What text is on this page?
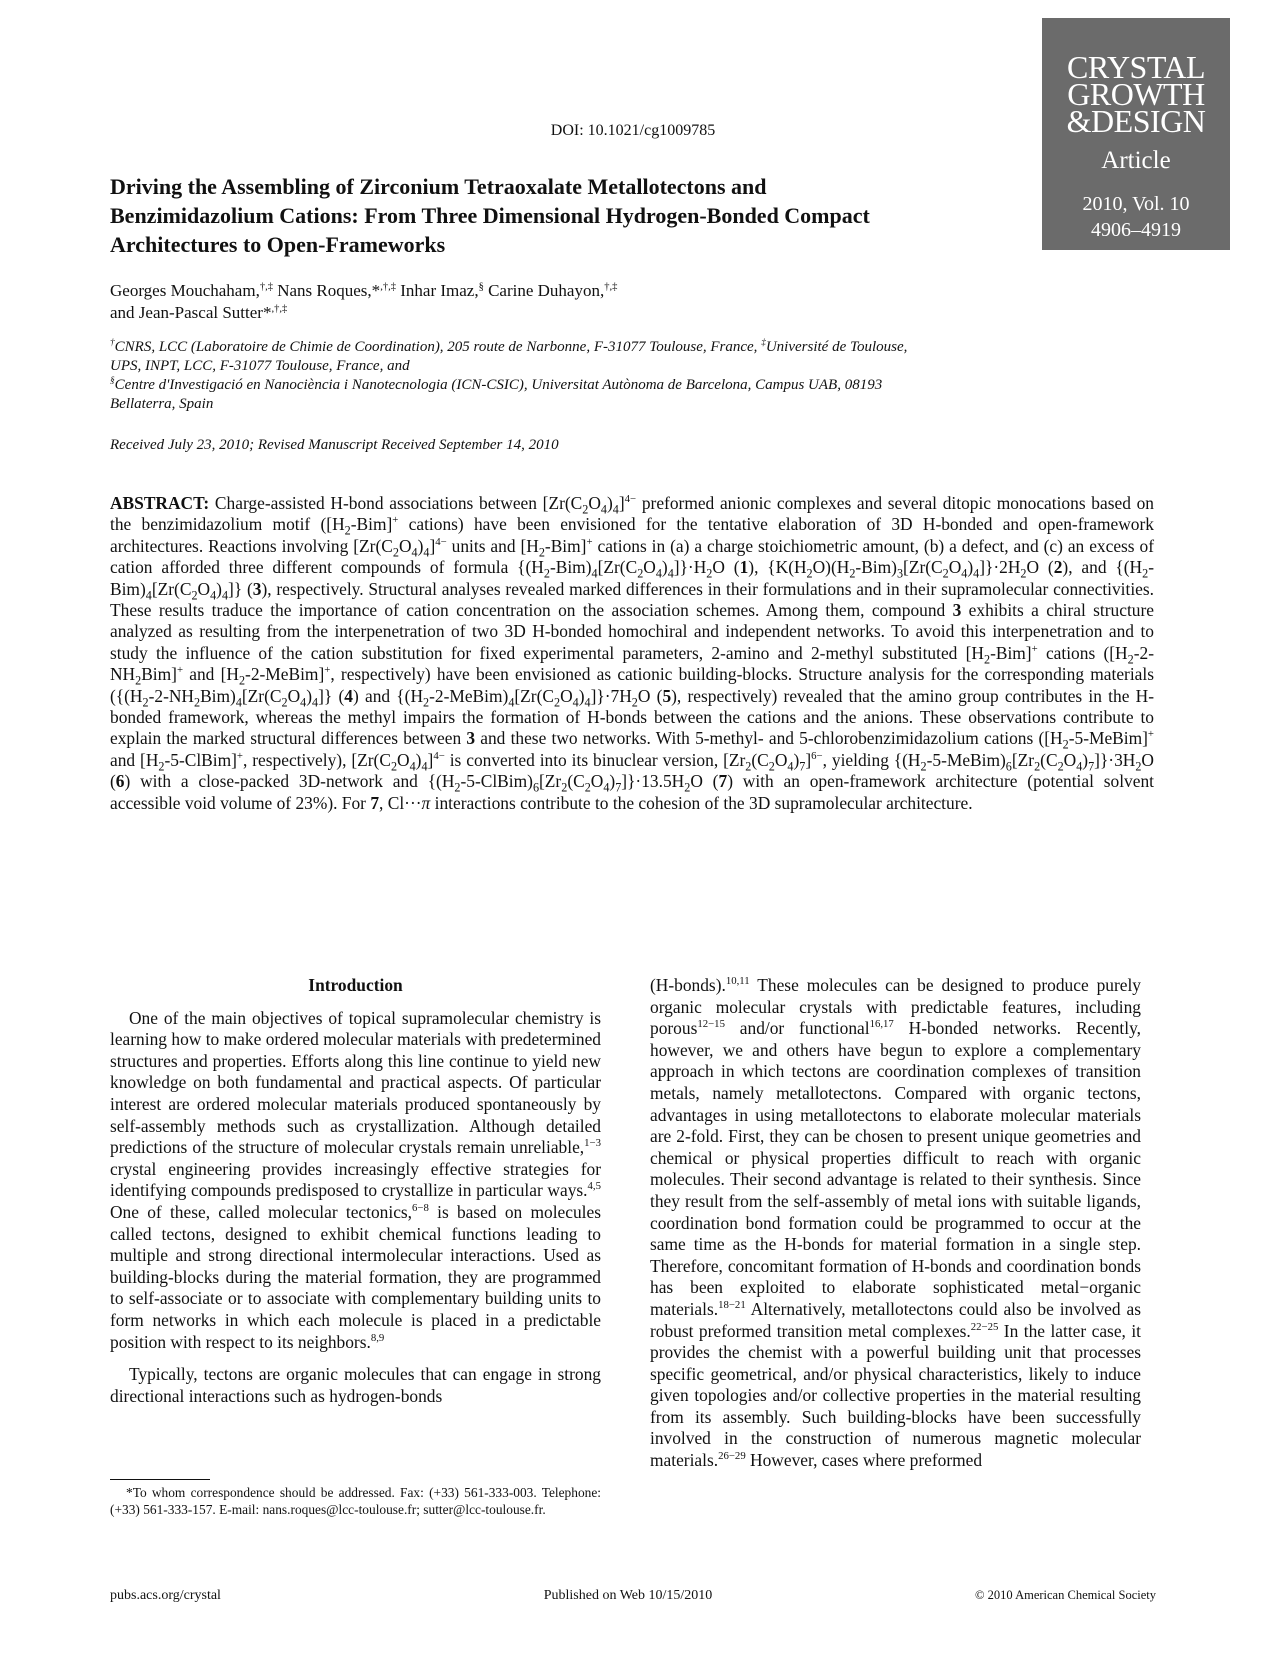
DOI: 10.1021/cg1009785
CRYSTAL
GROWTH
&DESIGN
Article
2010, Vol. 10
4906–4919
Driving the Assembling of Zirconium Tetraoxalate Metallotectons and Benzimidazolium Cations: From Three Dimensional Hydrogen-Bonded Compact Architectures to Open-Frameworks
Georges Mouchaham,†,‡ Nans Roques,*,†,‡ Inhar Imaz,§ Carine Duhayon,†,‡
and Jean-Pascal Sutter*,†,‡
†CNRS, LCC (Laboratoire de Chimie de Coordination), 205 route de Narbonne, F-31077 Toulouse, France, ‡Université de Toulouse, UPS, INPT, LCC, F-31077 Toulouse, France, and
§Centre d'Investigació en Nanociència i Nanotecnologia (ICN-CSIC), Universitat Autònoma de Barcelona, Campus UAB, 08193 Bellaterra, Spain
Received July 23, 2010; Revised Manuscript Received September 14, 2010
ABSTRACT: Charge-assisted H-bond associations between $[Zr(C_2O_4)_4]^{4-}$ preformed anionic complexes and several ditopic monocations based on the benzimidazolium motif ($[H_2-Bim]^+$ cations) have been envisioned for the tentative elaboration of 3D H-bonded and open-framework architectures. Reactions involving $[Zr(C_2O_4)_4]^{4-}$ units and $[H_2-Bim]^+$ cations in (a) a charge stoichiometric amount, (b) a defect, and (c) an excess of cation afforded three different compounds of formula $\{(H_2-Bim)_4[Zr(C_2O_4)_4]\}\cdot H_2O$ (1), $\{K(H_2O)(H_2-Bim)_3[Zr(C_2O_4)_4]\}\cdot 2H_2O$ (2), and $\{(H_2-Bim)_4[Zr(C_2O_4)_4]\}$ (3), respectively. Structural analyses revealed marked differences in their formulations and in their supramolecular connectivities. These results traduce the importance of cation concentration on the association schemes. Among them, compound 3 exhibits a chiral structure analyzed as resulting from the interpenetration of two 3D H-bonded homochiral and independent networks. To avoid this interpenetration and to study the influence of the cation substitution for fixed experimental parameters, 2-amino and 2-methyl substituted $[H_2-Bim]^+$ cations ($[H_2-2-NH_2Bim]^+$ and $[H_2-2-MeBim]^+$, respectively) have been envisioned as cationic building-blocks. Structure analysis for the corresponding materials ($\{(H_2-2-NH_2Bim)_4[Zr(C_2O_4)_4]\}$ (4) and $\{(H_2-2-MeBim)_4[Zr(C_2O_4)_4]\}\cdot 7H_2O$ (5), respectively) revealed that the amino group contributes in the H-bonded framework, whereas the methyl impairs the formation of H-bonds between the cations and the anions. These observations contribute to explain the marked structural differences between 3 and these two networks. With 5-methyl- and 5-chlorobenzimidazolium cations ($[H_2-5-MeBim]^+$ and $[H_2-5-ClBim]^+$, respectively), $[Zr(C_2O_4)_4]^{4-}$ is converted into its binuclear version, $[Zr_2(C_2O_4)_7]^{6-}$, yielding $\{(H_2-5-MeBim)_6[Zr_2(C_2O_4)_7]\}\cdot 3H_2O$ (6) with a close-packed 3D-network and $\{(H_2-5-ClBim)_6[Zr_2(C_2O_4)_7]\}\cdot 13.5H_2O$ (7) with an open-framework architecture (potential solvent accessible void volume of 23%). For 7, Cl···π interactions contribute to the cohesion of the 3D supramolecular architecture.
Introduction

One of the main objectives of topical supramolecular chemistry is learning how to make ordered molecular materials with predetermined structures and properties. Efforts along this line continue to yield new knowledge on both fundamental and practical aspects. Of particular interest are ordered molecular materials produced spontaneously by self-assembly methods such as crystallization. Although detailed predictions of the structure of molecular crystals remain unreliable,$^{1-3}$ crystal engineering provides increasingly effective strategies for identifying compounds predisposed to crystallize in particular ways.$^{4,5}$ One of these, called molecular tectonics,$^{6-8}$ is based on molecules called tectons, designed to exhibit chemical functions leading to multiple and strong directional intermolecular interactions. Used as building-blocks during the material formation, they are programmed to self-associate or to associate with complementary building units to form networks in which each molecule is placed in a predictable position with respect to its neighbors.$^{8,9}$

Typically, tectons are organic molecules that can engage in strong directional interactions such as hydrogen-bonds

(H-bonds).$^{10,11}$ These molecules can be designed to produce purely organic molecular crystals with predictable features, including porous$^{12-15}$ and/or functional$^{16,17}$ H-bonded networks. Recently, however, we and others have begun to explore a complementary approach in which tectons are coordination complexes of transition metals, namely metallotectons. Compared with organic tectons, advantages in using metallotectons to elaborate molecular materials are 2-fold. First, they can be chosen to present unique geometries and chemical or physical properties difficult to reach with organic molecules. Their second advantage is related to their synthesis. Since they result from the self-assembly of metal ions with suitable ligands, coordination bond formation could be programmed to occur at the same time as the H-bonds for material formation in a single step. Therefore, concomitant formation of H-bonds and coordination bonds has been exploited to elaborate sophisticated metal−organic materials.$^{18-21}$ Alternatively, metallotectons could also be involved as robust preformed transition metal complexes.$^{22-25}$ In the latter case, it provides the chemist with a powerful building unit that processes specific geometrical, and/or physical characteristics, likely to induce given topologies and/or collective properties in the material resulting from its assembly. Such building-blocks have been successfully involved in the construction of numerous magnetic molecular materials.$^{26-29}$ However, cases where preformed

*To whom correspondence should be addressed. Fax: (+33) 561-333-003. Telephone: (+33) 561-333-157. E-mail: nans.roques@lcc-toulouse.fr; sutter@lcc-toulouse.fr.

pubs.acs.org/crystal	Published on Web 10/15/2010	© 2010 American Chemical Society
